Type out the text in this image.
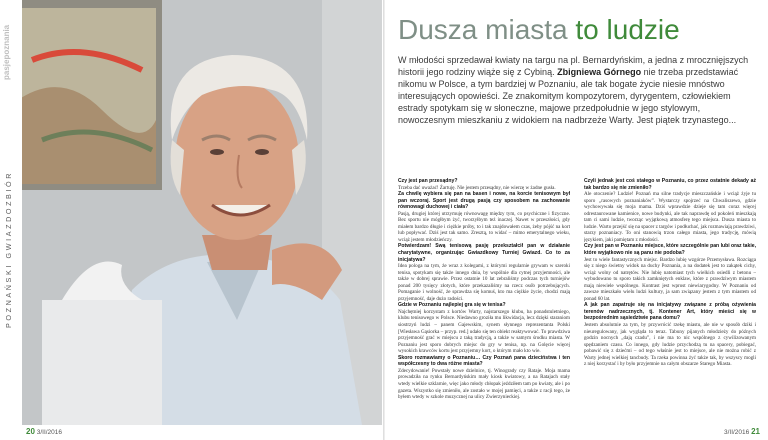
pasjepoznania
POZNAŃSKI GWIAZDOZBIÓR
20 3/II/2016
Dusza miasta to ludzie
W młodości sprzedawał kwiaty na targu na pl. Bernardyńskim, a jedna z mrocznięjszych historii jego rodziny wiąże się z Cybiną. Zbigniewa Górnego nie trzeba przedstawiać nikomu w Polsce, a tym bardziej w Poznaniu, ale tak bogate życie niesie mnóstwo interesujących opowieści. Ze znakomitym kompozytorem, dyrygentem, człowiekiem estrady spotykam się w słoneczne, majowe przedpołudnie w jego stylowym, nowoczesnym mieszkaniu z widokiem na nadbrzeże Warty. Jest piątek trzynastego...

Czy jest pan przesądny?

Trzeba dać uważać! Żartuję. Nie jestem przesądny, nie wierzę w żadne gusła.

Za chwilę wybiera się pan na basen i nowe, na korcie tenisowym był pan wczoraj. Sport jest drugą pasją czy sposobem na zachowanie równowagi duchowej i ciała?

Pasją, drugiej której utrzymuję równowagę między tym, co psychiczne i fizyczne. Bez sportu nie mógłbym żyć, tworzyłbym też inaczej. Nawet w przeszłości, gdy miałem bardzo długie i ciężkie próby, to i tak znajdowałem czas, żeby pójść na kort lub popływać. Dziś jest tak samo. Zresztą, to widać – mimo emerytalnego wieku, wciąż jestem młodzieńczy.

Potwierdzam! Swą tenisową pasję przekształcił pan w działanie charytatywne, organizując Gwiazdkowy Turniej Gwiazd. Co to za inicjatywa?

Idea pologa na tym, że wraz z kolegami, z którymi regularnie grywam w szeroki tenisa, spotykam się także innego dnia, by wspólnie dla cytnej przyjemności, ale także w dobrej sprawie. Przez ostatnie 10 lat zebraliśmy podczas tych turniejów ponad 200 tysięcy złotych, które przekazaliśmy na rzecz osób potrzebujących. Pomaganie i wolność, że sprawdza się komuś, kto ma ciężkie życie, chodzi mają przyjemność, daje dużo radości.

Gdzie w Poznaniu najlepiej gra się w tenisa?

Najchętniej korzystam z kortów Warty, najstarszego klubu, ba ponadstuletniego, klubu tenisowego w Polsce. Niedawno groziła mu likwidacja, lecz dzięki staraniom siostrzyń ludzi – panem Gajewskim, synem słynnego reprezentanta Polski [Wiesława Gąsiorka – przyp. red.] udało się ten obiekt reaktywować. To prawdziwa przyjemność grać w miejscu z taką tradycją, a także w samym środku miasta. W Poznaniu jest sporo dobrych miejsc do gry w tenisa, np. na Golęcie więcej wysokich krawców kortu jest przyjemny kort, o którym mało kto wie.

Skoro rozmawiamy o Poznaniu… Czy Poznań pana dzieciństwa i ten współczesny to dwa różne miasta?

Zdecydowanie! Powstały nowe dzielnice, tj. Winogrady czy Rataje. Moja mama prowadziła na rynku Bernardyńskim mały kiosk kwiatowy, a na Ratajach stały wtedy wielkie szklarnie, więc jako młody chłopak jeździłem tam po kwiaty, ale i po gazeta. Wszystko się zmieniło, ale zostało w mojej pamięci, a także z racji tego, że byłem wtedy w szkole muzycznej na ulicy Zwierzynieckiej.

Czyli jednak jest coś stałego w Poznaniu, co przez ostatnie dekady aż tak bardzo się nie zmieniło?

Ale otoczenie? Ludzie! Poznań ma silne tradycje mieszczańskie i wciąż żyje tu sporo „rasowych poznaniaków”. Wystarczy spojrzeć na Chwaliszewo, gdzie wychowywała się moja mama. Dziś wprawdzie dzieje się tam coraz więcej odrestaurowane kamienice, nowe budynki, ale tak naprawdę od pokoleń mieszkają tam ci sami ludzie, tworząc wyjątkową atmosferę tego miejsca. Dusza miasta to ludzie. Warto przejść się na spacer z targów i podłuchać, jak rozmawiają prawdziwi, starzy poznaniacy. To oni stanowią trzon całego miasta, jego tradycję, mówią językiem, jaki pamiętam z młodości.

Czy jest pan w Poznaniu miejsce, które szczególnie pan lubi oraz takie, które wyjątkowo nie są panu nie podoba?

Jest to wiele fantastycznych miejsc. Bardzo lubię wzgórze Przemysława. Rozciąga się z niego świetny widok na duchy Poznania, a na dodatek jest to zakątek cichy, wciąż wolny od natrętów. Nie lubię natomiast tych wielkich osiedli z betonu – wybudowano tu sporo takich zamkniętych enklaw, które z prawdziwym miastem mają niewiele wspólnego. Kontrast jest wprost niewiarygodny. W Poznaniu od zawsze mieszkało wielu ludzi kultury, ja sam związany jestem z tym miastem od ponad 60 lat.

A jak pan zapatruje się na inicjatywy związane z próbą ożywienia terenów nadrzecznych, tj. Kontener Art, który mieści się w bezpośrednim sąsiedztwie pana domu?

Jestem absolutnie za tym, by przywrócić rzekę miastu, ale nie w sposób dziki i nieuregulowany, jak wygląda to teraz. Tabuny pijanych młodzieży do późnych godzin nocnych „dają czadu”, i nie ma to nic wspólnego z cywilizowanym spędzaniem czasu. Co innego, gdy ludzie przychodzą tu na spacery, pobiegać, pobawić się z dziećmi – od tego właśnie jest to miejsce, ale nie można robić z Warty jednej wielkiej tancbudy. Ta rzeka powinna żyć także tak, by wszyscy mogli z niej korzystać i by było przyjemnie na całym obszarze Starego Miasta.

3/II/2016 21
